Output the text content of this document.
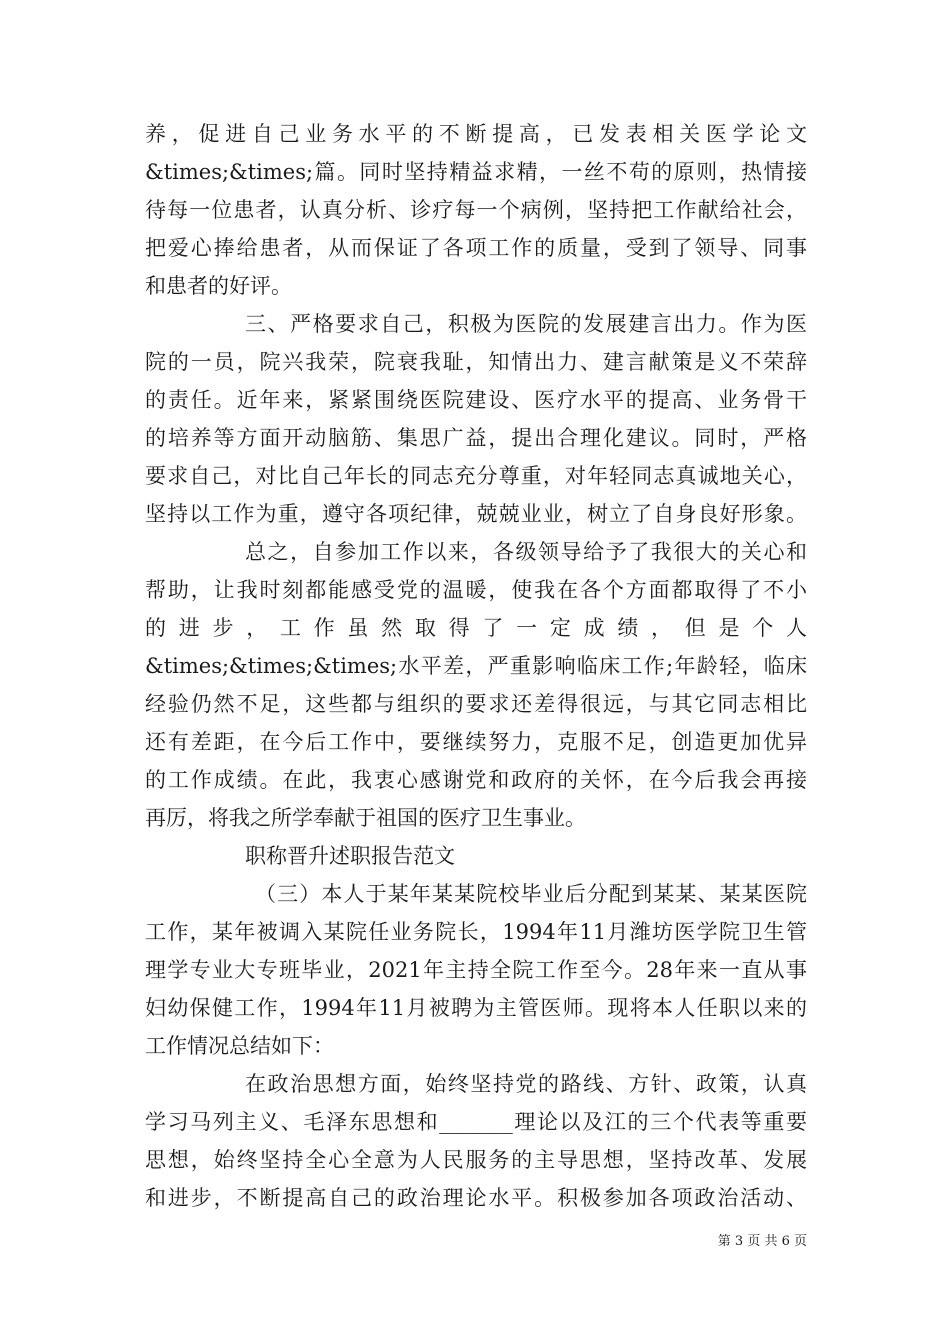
养，促进自己业务水平的不断提高，已发表相关医学论文
&times;&times;篇。同时坚持精益求精，一丝不苟的原则，热情接
待每一位患者，认真分析、诊疗每一个病例，坚持把工作献给社会，
把爱心捧给患者，从而保证了各项工作的质量，受到了领导、同事
和患者的好评。
三、严格要求自己，积极为医院的发展建言出力。作为医
院的一员，院兴我荣，院衰我耻，知情出力、建言献策是义不荣辞
的责任。近年来，紧紧围绕医院建设、医疗水平的提高、业务骨干
的培养等方面开动脑筋、集思广益，提出合理化建议。同时，严格
要求自己，对比自己年长的同志充分尊重，对年轻同志真诚地关心，
坚持以工作为重，遵守各项纪律，兢兢业业，树立了自身良好形象。
总之，自参加工作以来，各级领导给予了我很大的关心和
帮助，让我时刻都能感受党的温暖，使我在各个方面都取得了不小
的进步，工作虽然取得了一定成绩，但是个人
&times;&times;&times;水平差，严重影响临床工作;年龄轻，临床
经验仍然不足，这些都与组织的要求还差得很远，与其它同志相比
还有差距，在今后工作中，要继续努力，克服不足，创造更加优异
的工作成绩。在此，我衷心感谢党和政府的关怀，在今后我会再接
再厉，将我之所学奉献于祖国的医疗卫生事业。
职称晋升述职报告范文
（三）本人于某年某某院校毕业后分配到某某、某某医院
工作，某年被调入某院任业务院长，1994年11月潍坊医学院卫生管
理学专业大专班毕业，2021年主持全院工作至今。28年来一直从事
妇幼保健工作，1994年11月被聘为主管医师。现将本人任职以来的
工作情况总结如下：
在政治思想方面，始终坚持党的路线、方针、政策，认真
学习马列主义、毛泽东思想和_______理论以及江的三个代表等重要
思想，始终坚持全心全意为人民服务的主导思想，坚持改革、发展
和进步，不断提高自己的政治理论水平。积极参加各项政治活动、
第 3 页 共 6 页
